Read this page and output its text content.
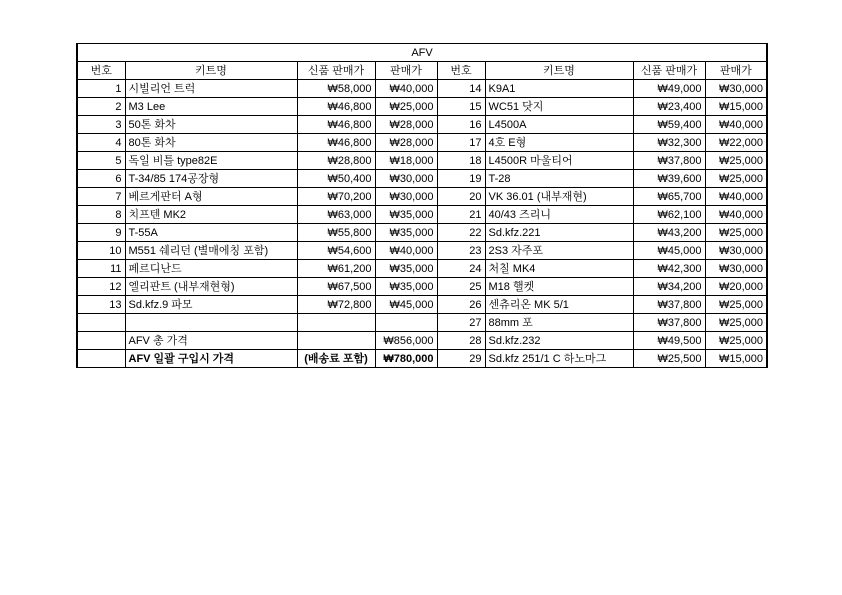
AFV							
번호	키트명	신품 판매가	판매가	번호	키트명	신품 판매가	판매가
1	시빌리언 트럭	₩58,000	₩40,000	14	K9A1	₩49,000	₩30,000
2	M3 Lee	₩46,800	₩25,000	15	WC51 닷지	₩23,400	₩15,000
3	50톤 화차	₩46,800	₩28,000	16	L4500A	₩59,400	₩40,000
4	80톤 화차	₩46,800	₩28,000	17	4호 E형	₩32,300	₩22,000
5	독일 비틀 type82E	₩28,800	₩18,000	18	L4500R 마울티어	₩37,800	₩25,000
6	T-34/85 174공장형	₩50,400	₩30,000	19	T-28	₩39,600	₩25,000
7	베르게판터 A형	₩70,200	₩30,000	20	VK 36.01 (내부재현)	₩65,700	₩40,000
8	치프텐 MK2	₩63,000	₩35,000	21	40/43 즈리니	₩62,100	₩40,000
9	T-55A	₩55,800	₩35,000	22	Sd.kfz.221	₩43,200	₩25,000
10	M551 쉐리던 (별매에칭 포함)	₩54,600	₩40,000	23	2S3 자주포	₩45,000	₩30,000
11	페르디난드	₩61,200	₩35,000	24	처칠 MK4	₩42,300	₩30,000
12	엘리판트 (내부재현형)	₩67,500	₩35,000	25	M18 핼켓	₩34,200	₩20,000
13	Sd.kfz.9 파모	₩72,800	₩45,000	26	센츄리온 MK 5/1	₩37,800	₩25,000
				27	88mm 포	₩37,800	₩25,000
	AFV 총 가격		₩856,000	28	Sd.kfz.232	₩49,500	₩25,000
	AFV 일괄 구입시 가격	(배송료 포함)	₩780,000	29	Sd.kfz 251/1 C 하노마그	₩25,500	₩15,000
